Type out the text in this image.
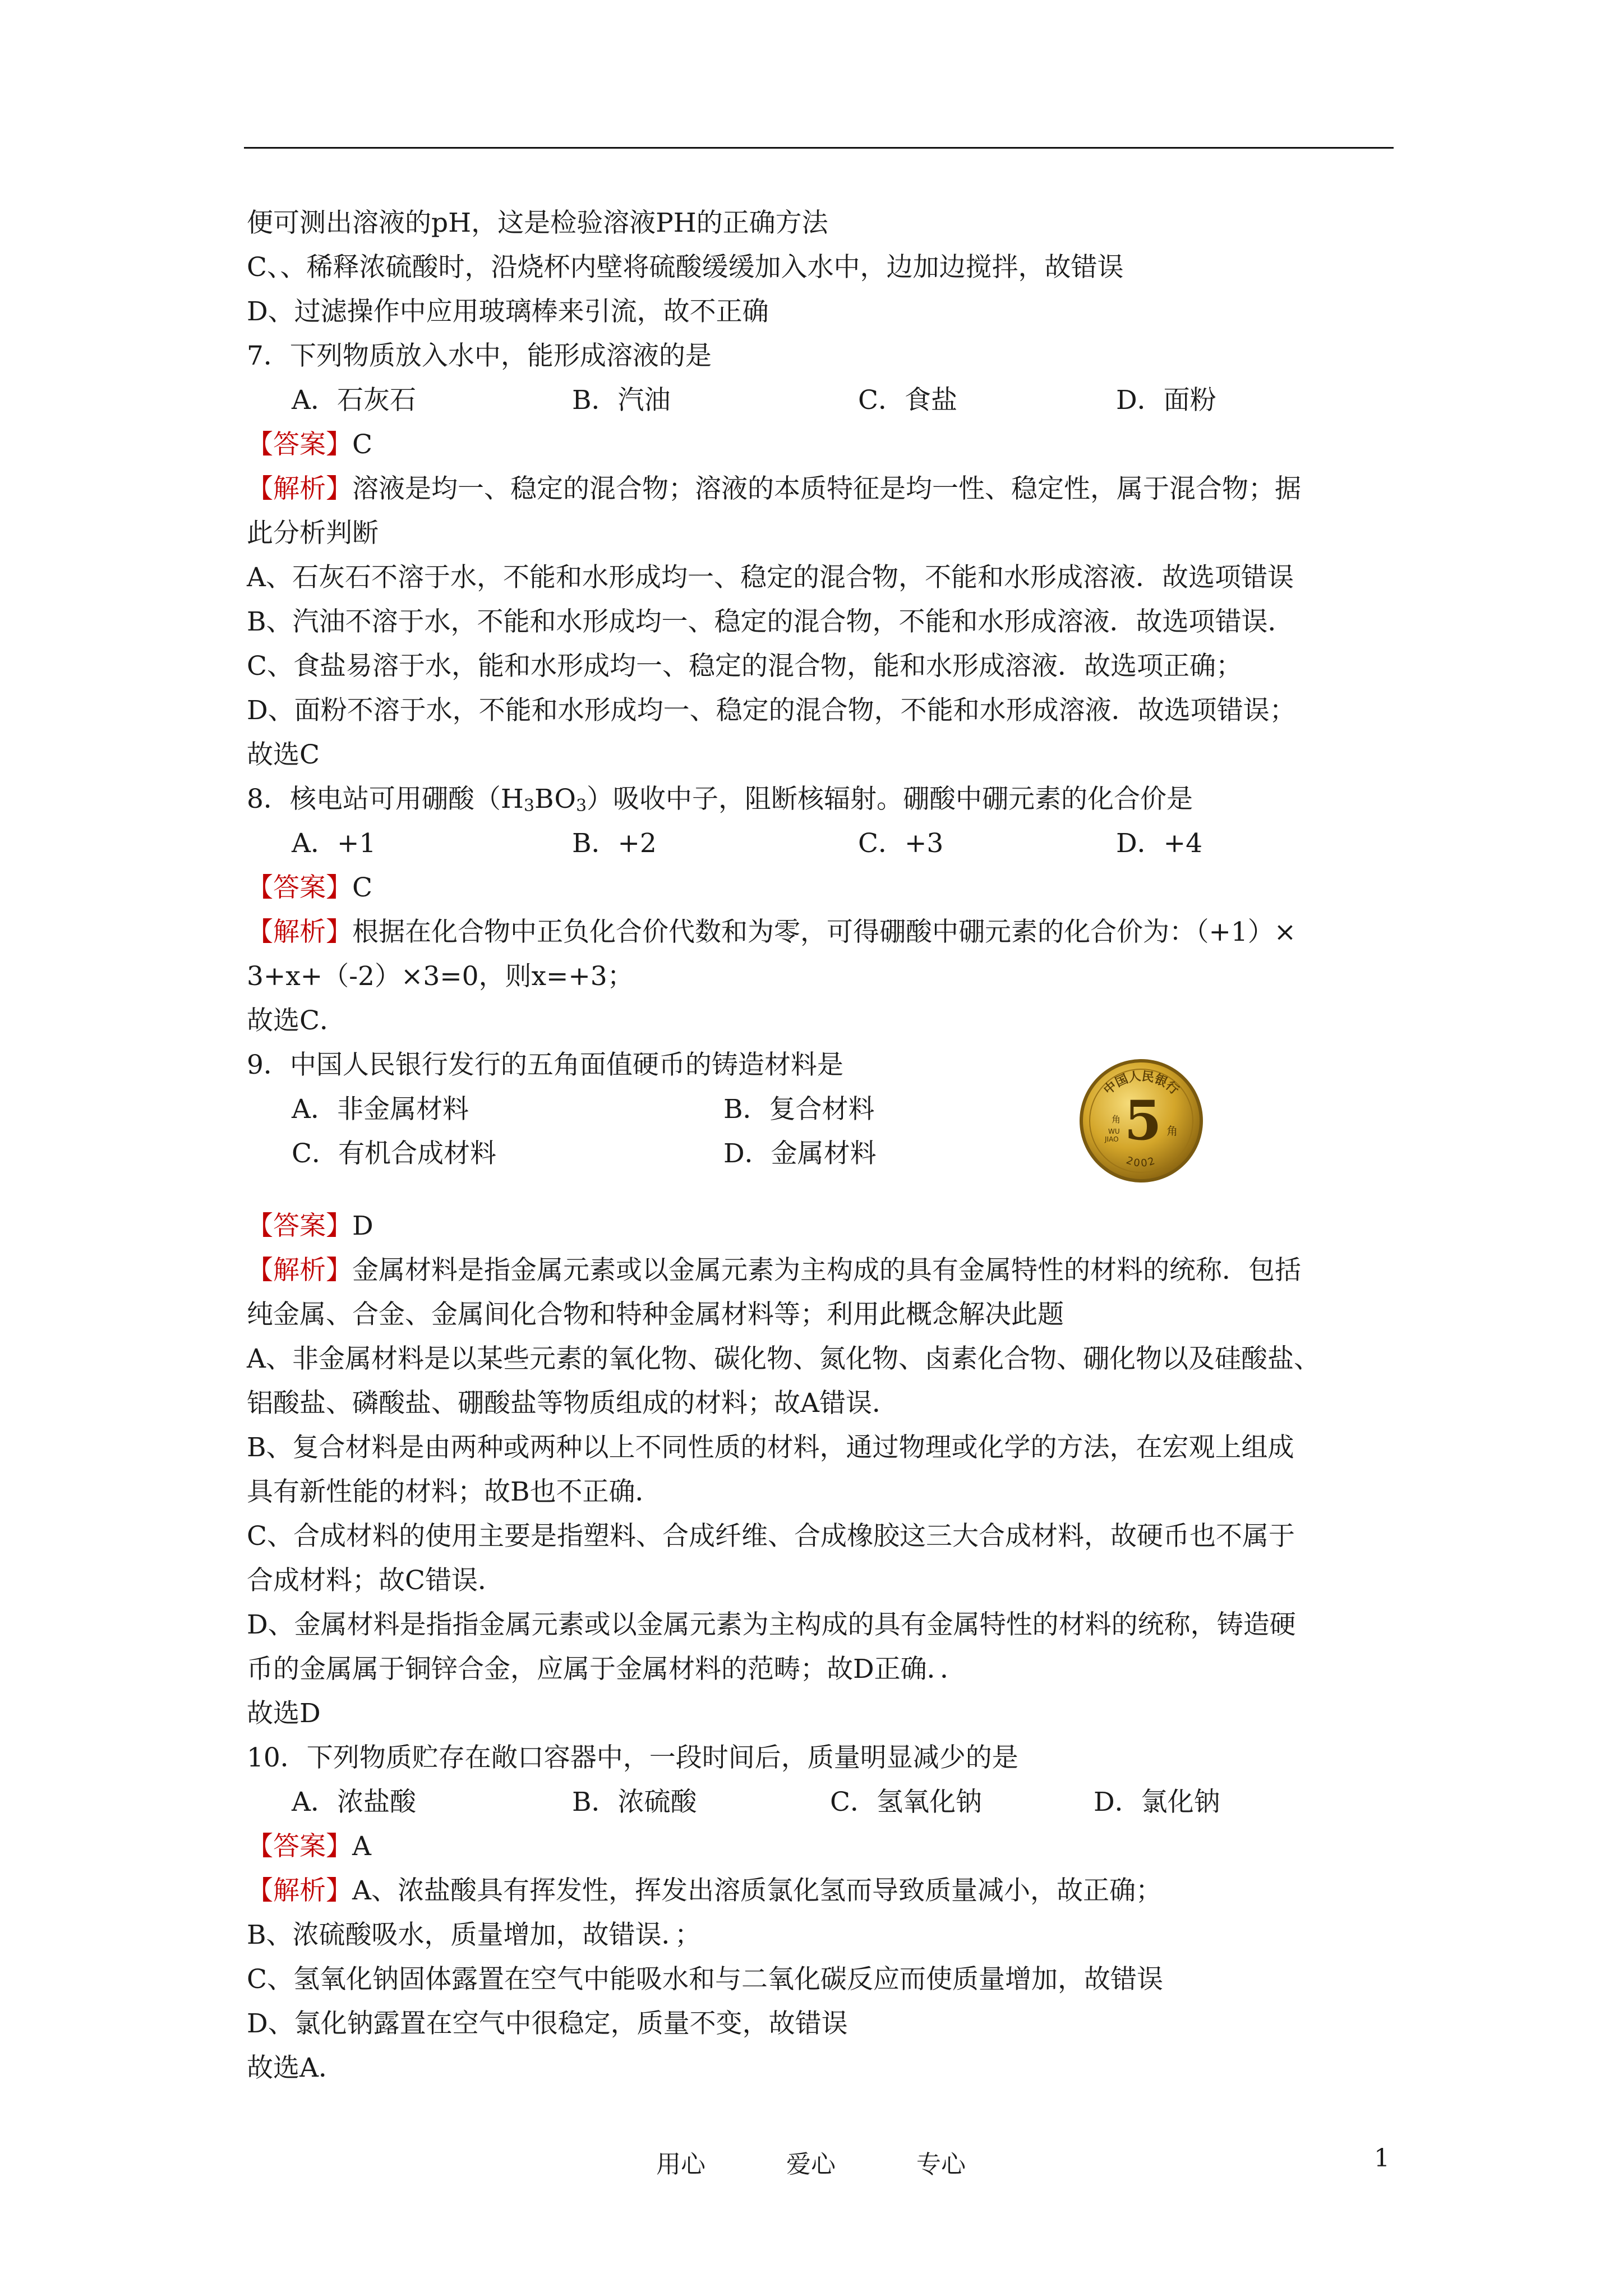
便可测出溶液的pH，这是检验溶液PH的正确方法
C、、稀释浓硫酸时，沿烧杯内壁将硫酸缓缓加入水中，边加边搅拌，故错误
D、过滤操作中应用玻璃棒来引流，故不正确
7．下列物质放入水中，能形成溶液的是
A．石灰石	B．汽油	C．食盐	D．面粉
【答案】C
【解析】溶液是均一、稳定的混合物；溶液的本质特征是均一性、稳定性，属于混合物；据
此分析判断
A、石灰石不溶于水，不能和水形成均一、稳定的混合物，不能和水形成溶液．故选项错误
B、汽油不溶于水，不能和水形成均一、稳定的混合物，不能和水形成溶液．故选项错误．
C、食盐易溶于水，能和水形成均一、稳定的混合物，能和水形成溶液．故选项正确；
D、面粉不溶于水，不能和水形成均一、稳定的混合物，不能和水形成溶液．故选项错误；
故选C
8．核电站可用硼酸$(H_3BO_3)$吸收中子，阻断核辐射。硼酸中硼元素的化合价是
A．+1	B．+2	C．+3	D．+4
【答案】C
【解析】根据在化合物中正负化合价代数和为零，可得硼酸中硼元素的化合价为：（+1）×
3+x+（-2）×3=0，则x=+3；
故选C．
9．中国人民银行发行的五角面值硬币的铸造材料是
A．非金属材料	B．复合材料
C．有机合成材料	D．金属材料
中国人民银行
5
角
WU
JIAO
角
2002
【答案】D
【解析】金属材料是指金属元素或以金属元素为主构成的具有金属特性的材料的统称．包括
纯金属、合金、金属间化合物和特种金属材料等；利用此概念解决此题
A、非金属材料是以某些元素的氧化物、碳化物、氮化物、卤素化合物、硼化物以及硅酸盐、
铝酸盐、磷酸盐、硼酸盐等物质组成的材料；故A错误．
B、复合材料是由两种或两种以上不同性质的材料，通过物理或化学的方法，在宏观上组成
具有新性能的材料；故B也不正确．
C、合成材料的使用主要是指塑料、合成纤维、合成橡胶这三大合成材料，故硬币也不属于
合成材料；故C错误．
D、金属材料是指指金属元素或以金属元素为主构成的具有金属特性的材料的统称，铸造硬
币的金属属于铜锌合金，应属于金属材料的范畴；故D正确．．
故选D
10．下列物质贮存在敞口容器中，一段时间后，质量明显减少的是
A．浓盐酸	B．浓硫酸	C．氢氧化钠	D．氯化钠
【答案】A
【解析】A、浓盐酸具有挥发性，挥发出溶质氯化氢而导致质量减小，故正确；
B、浓硫酸吸水，质量增加，故错误．；
C、氢氧化钠固体露置在空气中能吸水和与二氧化碳反应而使质量增加，故错误
D、氯化钠露置在空气中很稳定，质量不变，故错误
故选A．
用心	爱心	专心	1
